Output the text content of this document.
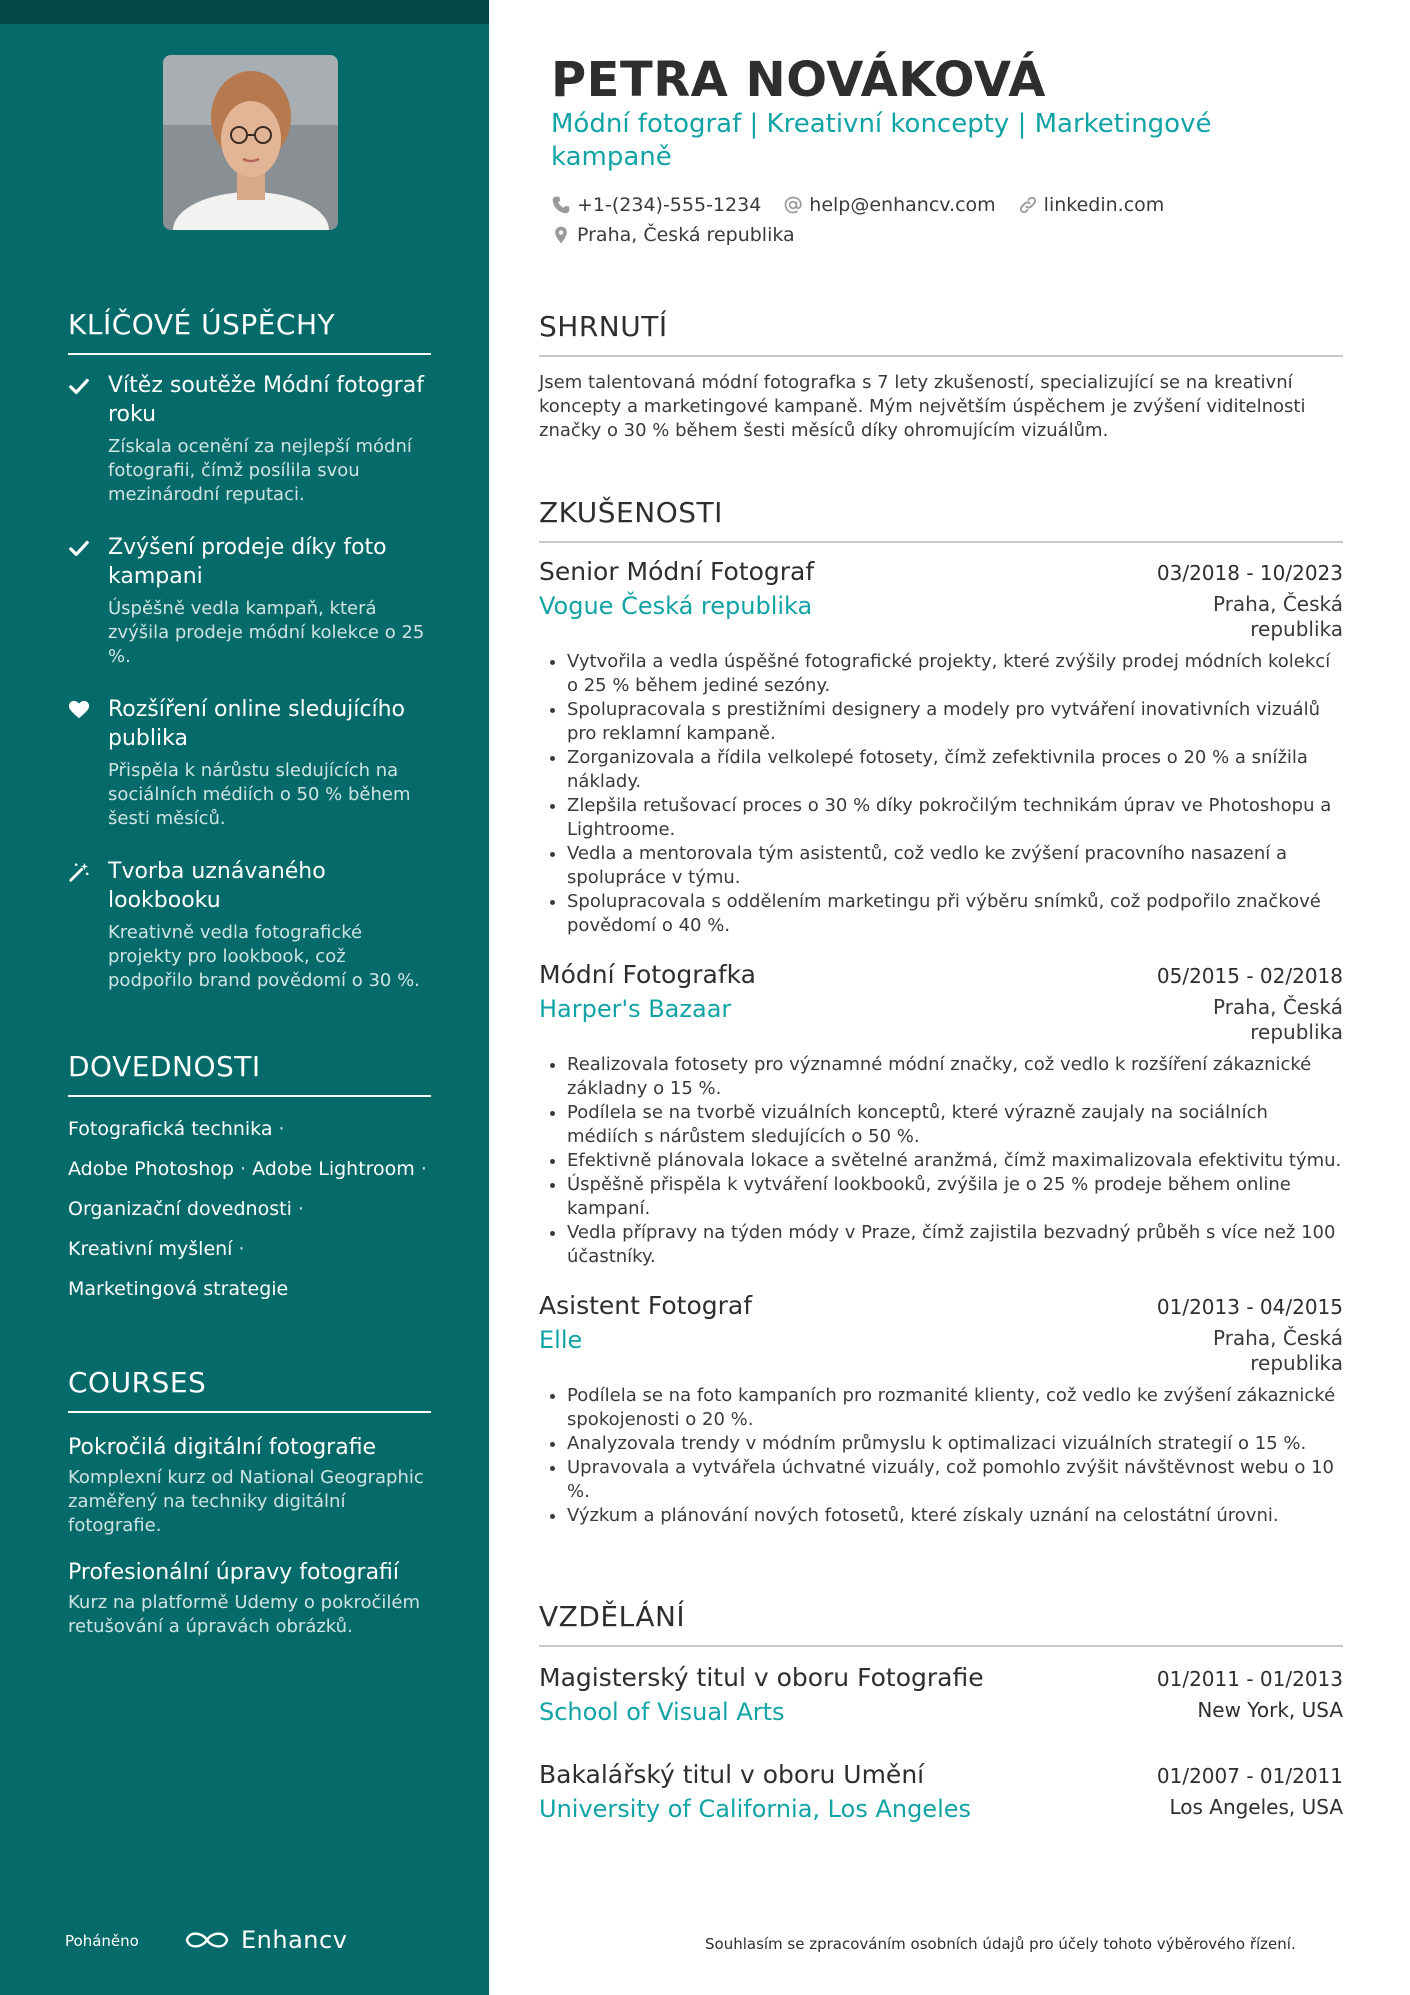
KLÍČOVÉ ÚSPĚCHY
Vítěz soutěže Módní fotograf roku
Získala ocenění za nejlepší módní fotografii, čímž posílila svou mezinárodní reputaci.
Zvýšení prodeje díky foto kampani
Úspěšně vedla kampaň, která zvýšila prodeje módní kolekce o 25 %.
Rozšíření online sledujícího publika
Přispěla k nárůstu sledujících na sociálních médiích o 50 % během šesti měsíců.
Tvorba uznávaného lookbooku
Kreativně vedla fotografické projekty pro lookbook, což podpořilo brand povědomí o 30 %.
DOVEDNOSTI
Fotografická technika ·
Adobe Photoshop · Adobe Lightroom ·
Organizační dovednosti ·
Kreativní myšlení ·
Marketingová strategie
COURSES
Pokročilá digitální fotografie
Komplexní kurz od National Geographic zaměřený na techniky digitální fotografie.
Profesionální úpravy fotografií
Kurz na platformě Udemy o pokročilém retušování a úpravách obrázků.
Poháněno	Enhancv
PETRA NOVÁKOVÁ
Módní fotograf | Kreativní koncepty | Marketingové kampaně
+1-(234)-555-1234	help@enhancv.com	linkedin.com
Praha, Česká republika
SHRNUTÍ
Jsem talentovaná módní fotografka s 7 lety zkušeností, specializující se na kreativní koncepty a marketingové kampaně. Mým největším úspěchem je zvýšení viditelnosti značky o 30 % během šesti měsíců díky ohromujícím vizuálům.
ZKUŠENOSTI
Senior Módní Fotograf	03/2018 - 10/2023
Vogue Česká republika	Praha, Česká republika
• Vytvořila a vedla úspěšné fotografické projekty, které zvýšily prodej módních kolekcí o 25 % během jediné sezóny.
• Spolupracovala s prestižními designery a modely pro vytváření inovativních vizuálů pro reklamní kampaně.
• Zorganizovala a řídila velkolepé fotosety, čímž zefektivnila proces o 20 % a snížila náklady.
• Zlepšila retušovací proces o 30 % díky pokročilým technikám úprav ve Photoshopu a Lightroome.
• Vedla a mentorovala tým asistentů, což vedlo ke zvýšení pracovního nasazení a spolupráce v týmu.
• Spolupracovala s oddělením marketingu při výběru snímků, což podpořilo značkové povědomí o 40 %.
Módní Fotografka	05/2015 - 02/2018
Harper's Bazaar	Praha, Česká republika
• Realizovala fotosety pro významné módní značky, což vedlo k rozšíření zákaznické základny o 15 %.
• Podílela se na tvorbě vizuálních konceptů, které výrazně zaujaly na sociálních médiích s nárůstem sledujících o 50 %.
• Efektivně plánovala lokace a světelné aranžmá, čímž maximalizovala efektivitu týmu.
• Úspěšně přispěla k vytváření lookbooků, zvýšila je o 25 % prodeje během online kampaní.
• Vedla přípravy na týden módy v Praze, čímž zajistila bezvadný průběh s více než 100 účastníky.
Asistent Fotograf	01/2013 - 04/2015
Elle	Praha, Česká republika
• Podílela se na foto kampaních pro rozmanité klienty, což vedlo ke zvýšení zákaznické spokojenosti o 20 %.
• Analyzovala trendy v módním průmyslu k optimalizaci vizuálních strategií o 15 %.
• Upravovala a vytvářela úchvatné vizuály, což pomohlo zvýšit návštěvnost webu o 10 %.
• Výzkum a plánování nových fotosetů, které získaly uznání na celostátní úrovni.
VZDĚLÁNÍ
Magisterský titul v oboru Fotografie	01/2011 - 01/2013
School of Visual Arts	New York, USA
Bakalářský titul v oboru Umění	01/2007 - 01/2011
University of California, Los Angeles	Los Angeles, USA
Souhlasím se zpracováním osobních údajů pro účely tohoto výběrového řízení.
